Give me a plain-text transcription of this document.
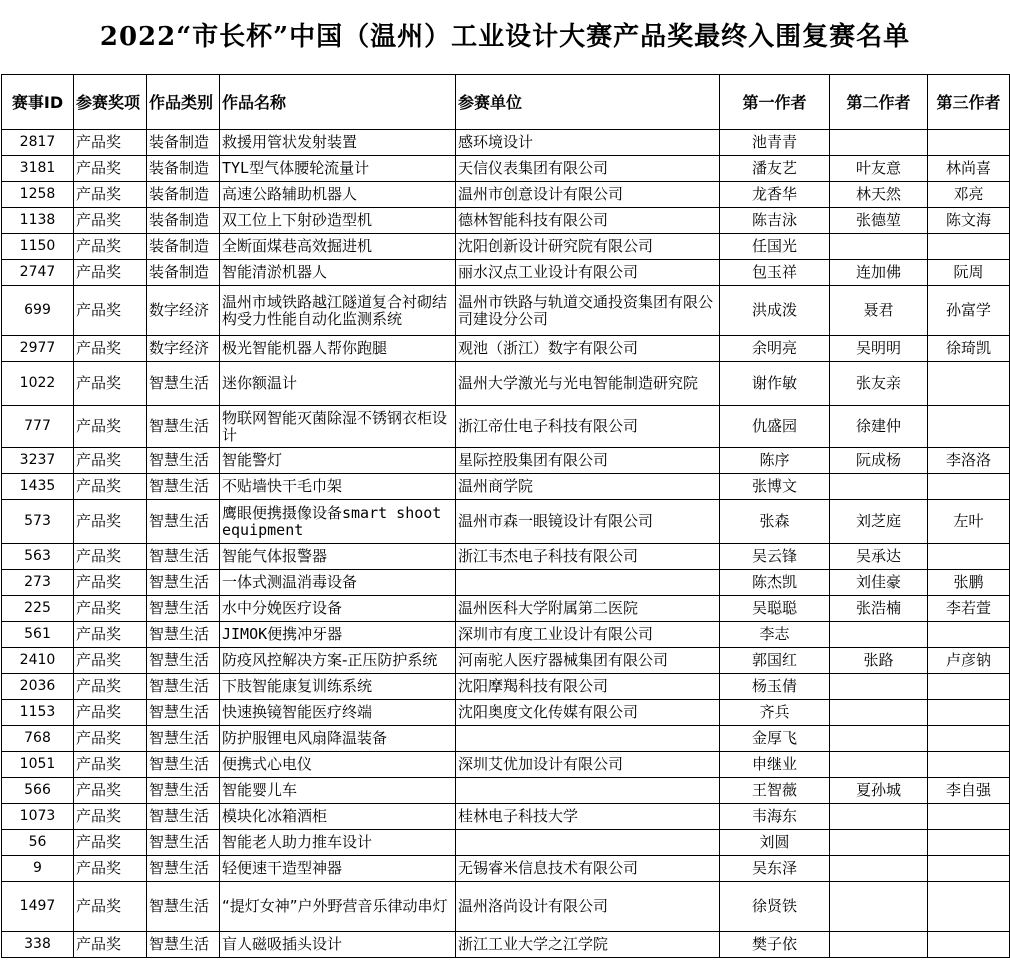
2022“市长杯”中国（温州）工业设计大赛产品奖最终入围复赛名单
赛事ID	参赛奖项	作品类别	作品名称	参赛单位	第一作者	第二作者	第三作者
2817	产品奖	装备制造	救援用管状发射装置	感环境设计	池青青		
3181	产品奖	装备制造	TYL型气体腰轮流量计	天信仪表集团有限公司	潘友艺	叶友意	林尚喜
1258	产品奖	装备制造	高速公路辅助机器人	温州市创意设计有限公司	龙香华	林天然	邓亮
1138	产品奖	装备制造	双工位上下射砂造型机	德林智能科技有限公司	陈吉泳	张德堃	陈文海
1150	产品奖	装备制造	全断面煤巷高效掘进机	沈阳创新设计研究院有限公司	任国光		
2747	产品奖	装备制造	智能清淤机器人	丽水汉点工业设计有限公司	包玉祥	连加佛	阮周
699	产品奖	数字经济	温州市域铁路越江隧道复合衬砌结构受力性能自动化监测系统	温州市铁路与轨道交通投资集团有限公司建设分公司	洪成泼	聂君	孙富学
2977	产品奖	数字经济	极光智能机器人帮你跑腿	观池（浙江）数字有限公司	余明亮	吴明明	徐琦凯
1022	产品奖	智慧生活	迷你额温计	温州大学激光与光电智能制造研究院	谢作敏	张友亲	
777	产品奖	智慧生活	物联网智能灭菌除湿不锈钢衣柜设计	浙江帝仕电子科技有限公司	仇盛园	徐建仲	
3237	产品奖	智慧生活	智能警灯	星际控股集团有限公司	陈序	阮成杨	李洛洛
1435	产品奖	智慧生活	不贴墙快干毛巾架	温州商学院	张博文		
573	产品奖	智慧生活	鹰眼便携摄像设备smart shoot equipment	温州市森一眼镜设计有限公司	张森	刘芝庭	左叶
563	产品奖	智慧生活	智能气体报警器	浙江韦杰电子科技有限公司	吴云锋	吴承达	
273	产品奖	智慧生活	一体式测温消毒设备		陈杰凯	刘佳豪	张鹏
225	产品奖	智慧生活	水中分娩医疗设备	温州医科大学附属第二医院	吴聪聪	张浩楠	李若萱
561	产品奖	智慧生活	JIMOK便携冲牙器	深圳市有度工业设计有限公司	李志		
2410	产品奖	智慧生活	防疫风控解决方案-正压防护系统	河南驼人医疗器械集团有限公司	郭国红	张路	卢彦钠
2036	产品奖	智慧生活	下肢智能康复训练系统	沈阳摩羯科技有限公司	杨玉倩		
1153	产品奖	智慧生活	快速换镜智能医疗终端	沈阳奥度文化传媒有限公司	齐兵		
768	产品奖	智慧生活	防护服锂电风扇降温装备		金厚飞		
1051	产品奖	智慧生活	便携式心电仪	深圳艾优加设计有限公司	申继业		
566	产品奖	智慧生活	智能婴儿车		王智薇	夏孙城	李自强
1073	产品奖	智慧生活	模块化冰箱酒柜	桂林电子科技大学	韦海东		
56	产品奖	智慧生活	智能老人助力推车设计		刘圆		
9	产品奖	智慧生活	轻便速干造型神器	无锡睿米信息技术有限公司	吴东泽		
1497	产品奖	智慧生活	“提灯女神”户外野营音乐律动串灯	温州洛尚设计有限公司	徐贤铁		
338	产品奖	智慧生活	盲人磁吸插头设计	浙江工业大学之江学院	樊子依		
